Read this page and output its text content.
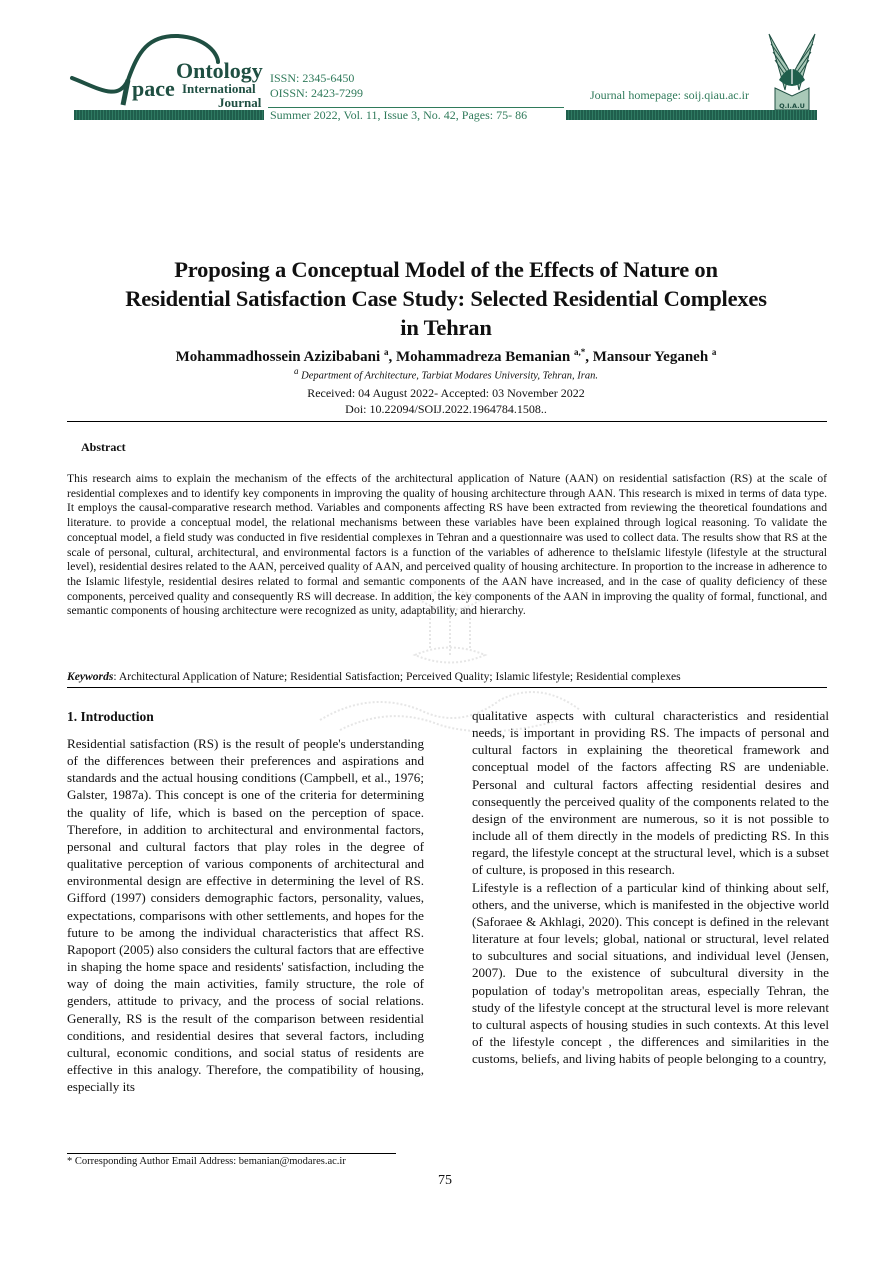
Ontology
pace International
Journal
ISSN: 2345-6450
OISSN: 2423-7299	Journal homepage: soij.qiau.ac.ir
Q.I.A.U
Summer 2022, Vol. 11, Issue 3, No. 42, Pages: 75- 86
Proposing a Conceptual Model of the Effects of Nature on
Residential Satisfaction Case Study: Selected Residential Complexes
in Tehran
Mohammadhossein Azizibabani $^a$, Mohammadreza Bemanian $^{a,*}$, Mansour Yeganeh $^a$
$^a$ Department of Architecture, Tarbiat Modares University, Tehran, Iran.
Received: 04 August 2022- Accepted: 03 November 2022
Doi: 10.22094/SOIJ.2022.1964784.1508..
Abstract
This research aims to explain the mechanism of the effects of the architectural application of Nature (AAN) on residential satisfaction (RS) at the scale of residential complexes and to identify key components in improving the quality of housing architecture through AAN. This research is mixed in terms of data type. It employs the causal-comparative research method. Variables and components affecting RS have been extracted from reviewing the theoretical foundations and literature. to provide a conceptual model, the relational mechanisms between these variables have been explained through logical reasoning. To validate the conceptual model, a field study was conducted in five residential complexes in Tehran and a questionnaire was used to collect data. The results show that RS at the scale of personal, cultural, architectural, and environmental factors is a function of the variables of adherence to theIslamic lifestyle (lifestyle at the structural level), residential desires related to the AAN, perceived quality of AAN, and perceived quality of housing architecture. In proportion to the increase in adherence to the Islamic lifestyle, residential desires related to formal and semantic components of the AAN have increased, and in the case of quality deficiency of these components, perceived quality and consequently RS will decrease. In addition, the key components of the AAN in improving the quality of formal, functional, and semantic components of housing architecture were recognized as unity, adaptability, and hierarchy.
Keywords: Architectural Application of Nature; Residential Satisfaction; Perceived Quality; Islamic lifestyle; Residential complexes
1. Introduction

Residential satisfaction (RS) is the result of people's understanding of the differences between their preferences and aspirations and standards and the actual housing conditions (Campbell, et al., 1976; Galster, 1987a). This concept is one of the criteria for determining the quality of life, which is based on the perception of space. Therefore, in addition to architectural and environmental factors, personal and cultural factors that play roles in the degree of qualitative perception of various components of architectural and environmental design are effective in determining the level of RS. Gifford (1997) considers demographic factors, personality, values, expectations, comparisons with other settlements, and hopes for the future to be among the individual characteristics that affect RS. Rapoport (2005) also considers the cultural factors that are effective in shaping the home space and residents' satisfaction, including the way of doing the main activities, family structure, the role of genders, attitude to privacy, and the process of social relations. Generally, RS is the result of the comparison between residential conditions, and residential desires that several factors, including cultural, economic conditions, and social status of residents are effective in this analogy. Therefore, the compatibility of housing, especially its

qualitative aspects with cultural characteristics and residential needs, is important in providing RS. The impacts of personal and cultural factors in explaining the theoretical framework and conceptual model of the factors affecting RS are undeniable. Personal and cultural factors affecting residential desires and consequently the perceived quality of the components related to the design of the environment are numerous, so it is not possible to include all of them directly in the models of predicting RS. In this regard, the lifestyle concept at the structural level, which is a subset of culture, is proposed in this research.

Lifestyle is a reflection of a particular kind of thinking about self, others, and the universe, which is manifested in the objective world (Saforaee & Akhlagi, 2020). This concept is defined in the relevant literature at four levels; global, national or structural, level related to subcultures and social situations, and individual level (Jensen, 2007). Due to the existence of subcultural diversity in the population of today's metropolitan areas, especially Tehran, the study of the lifestyle concept at the structural level is more relevant to cultural aspects of housing studies in such contexts. At this level of the lifestyle concept , the differences and similarities in the customs, beliefs, and living habits of people belonging to a country,

* Corresponding Author Email Address: bemanian@modares.ac.ir
75
